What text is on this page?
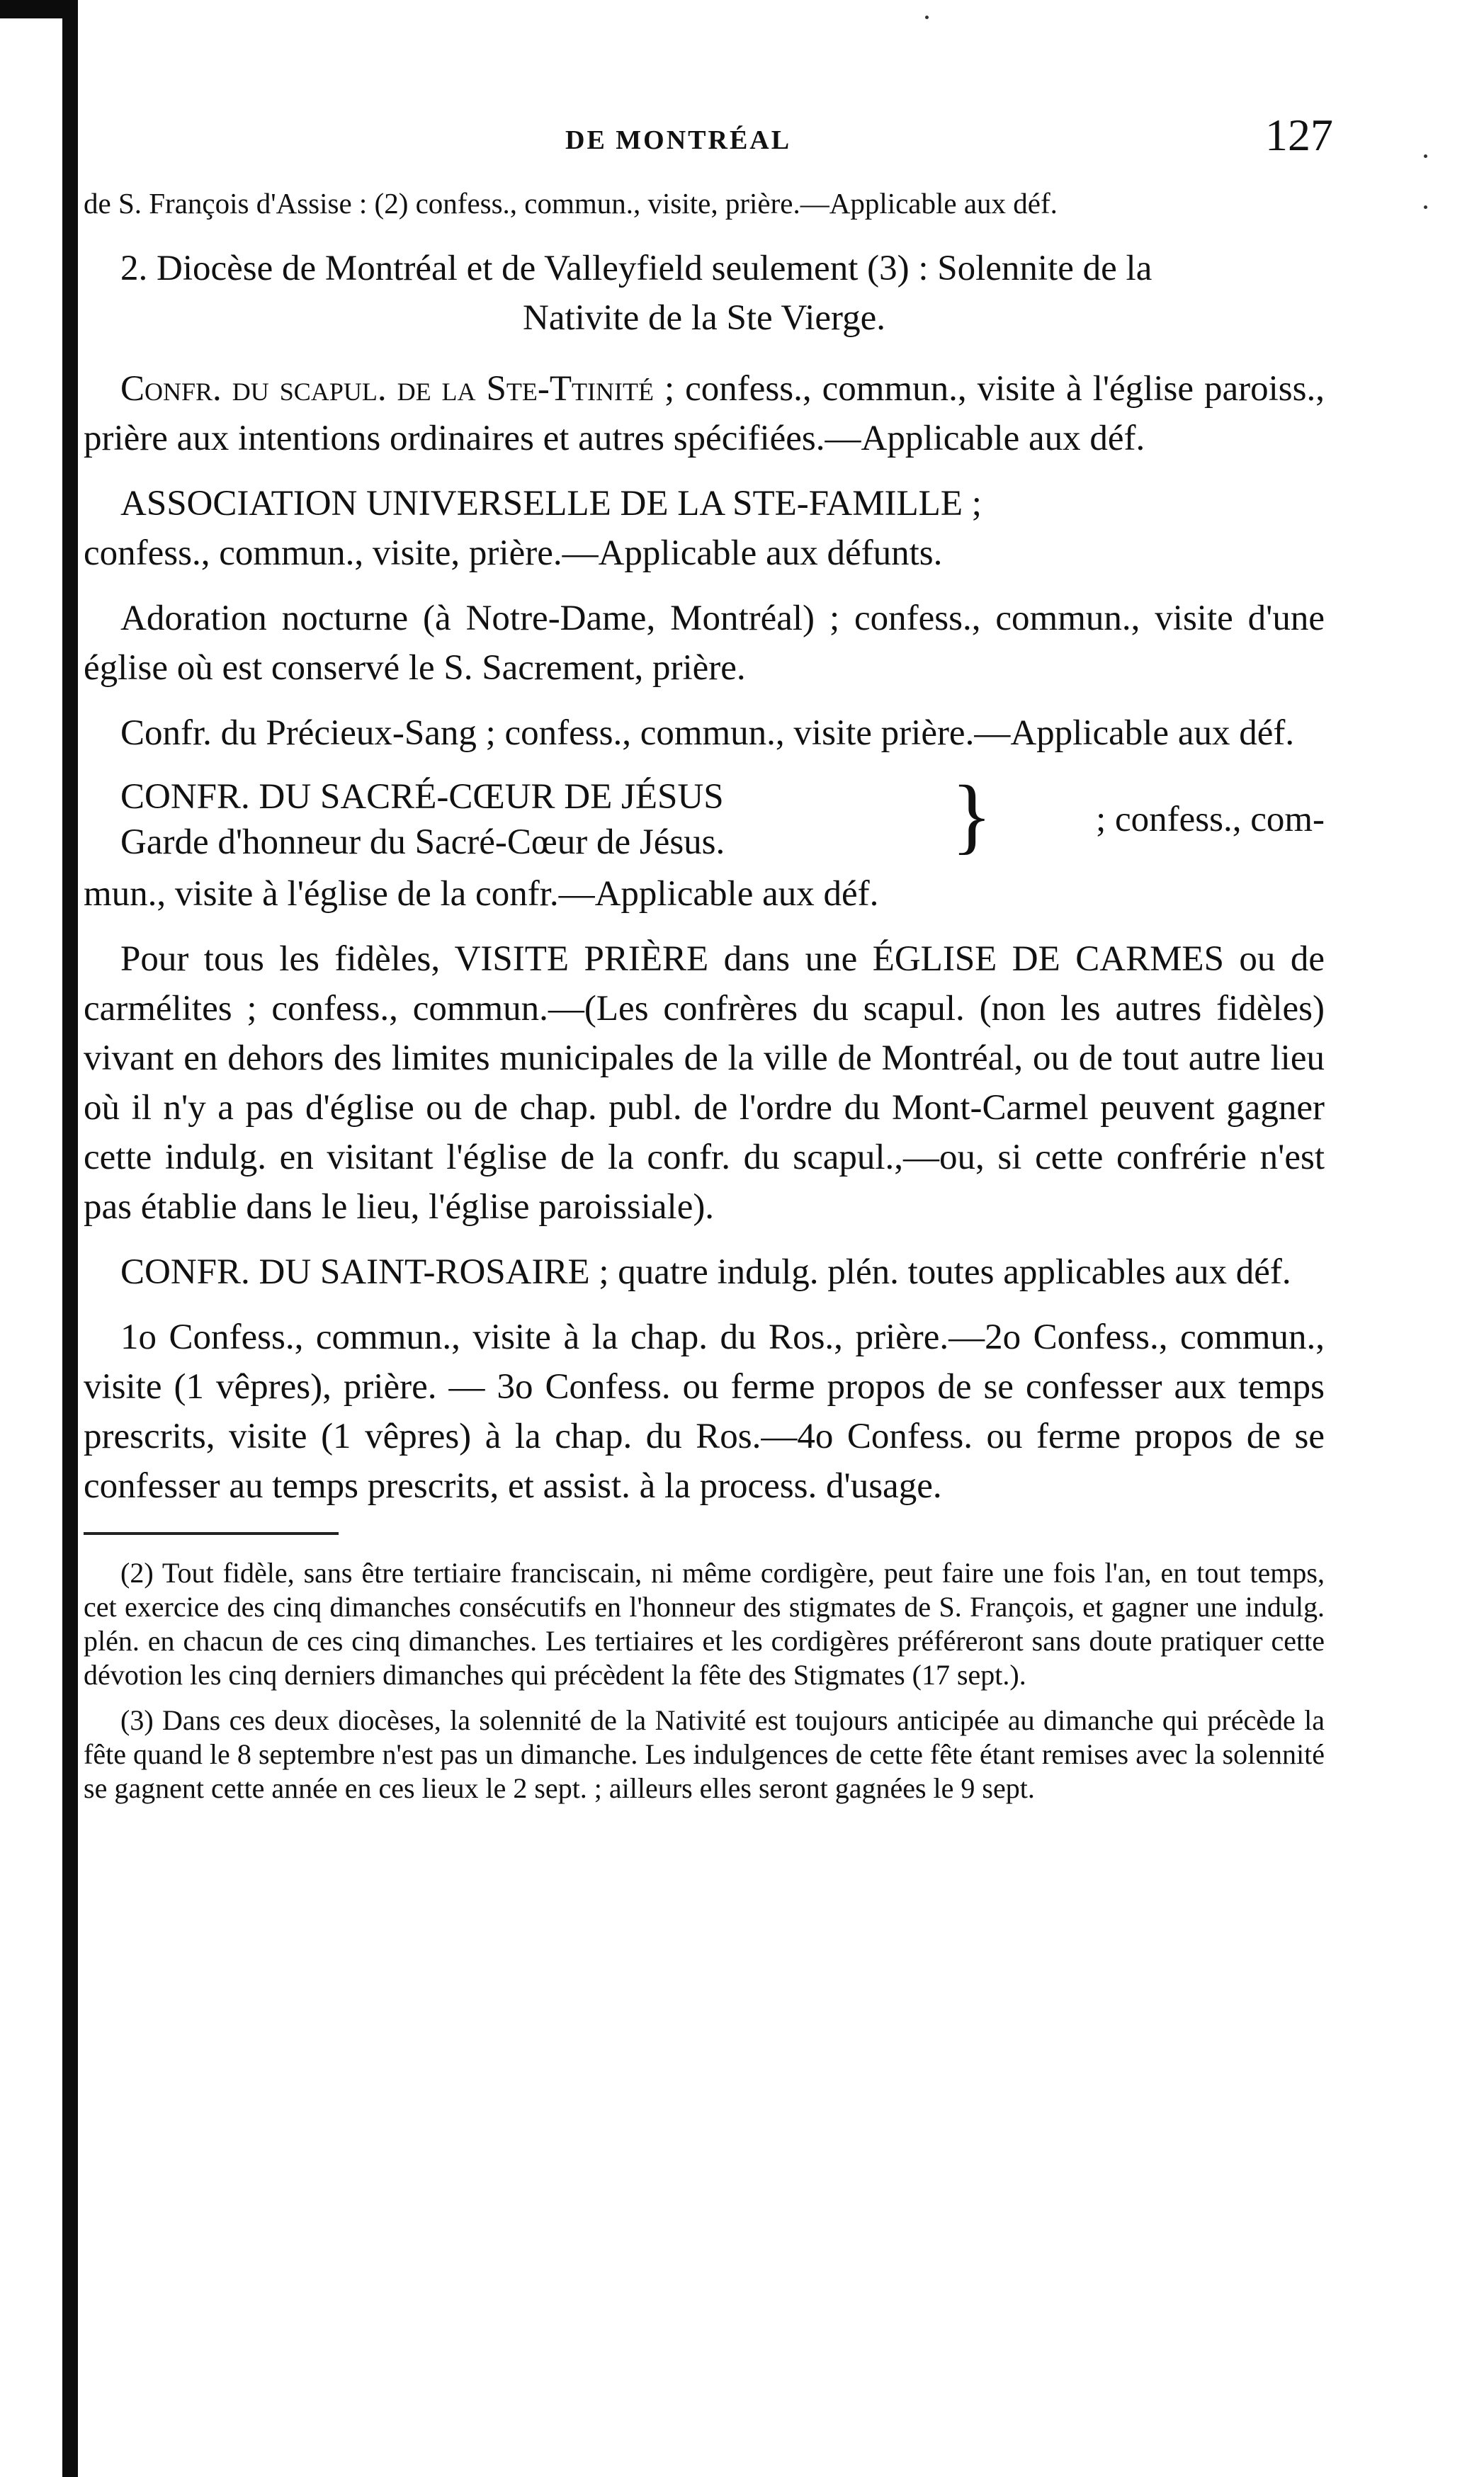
DE MONTRÉAL	127

de S. François d'Assise : (2) confess., commun., visite, prière.—Applicable aux déf.

2. Diocèse de Montréal et de Valleyfield seulement (3) : Solennite de la

Nativite de la Ste Vierge.

Confr. du scapul. de la Ste-Ttinité ; confess., commun., visite à l'église paroiss., prière aux intentions ordinaires et autres spécifiées.—Applicable aux déf.

ASSOCIATION UNIVERSELLE DE LA STE-FAMILLE ;

confess., commun., visite, prière.—Applicable aux défunts.

Adoration nocturne (à Notre-Dame, Montréal) ; confess., commun., visite d'une église où est conservé le S. Sacrement, prière.

Confr. du Précieux-Sang ; confess., commun., visite prière.—Applicable aux déf.

CONFR. DU SACRÉ-CŒUR DE JÉSUS
Garde d'honneur du Sacré-Cœur de Jésus.	}	; confess., com-

mun., visite à l'église de la confr.—Applicable aux déf.

Pour tous les fidèles, VISITE PRIÈRE dans une ÉGLISE DE CARMES ou de carmélites ; confess., commun.—(Les confrères du scapul. (non les autres fidèles) vivant en dehors des limites municipales de la ville de Montréal, ou de tout autre lieu où il n'y a pas d'église ou de chap. publ. de l'ordre du Mont-Carmel peuvent gagner cette indulg. en visitant l'église de la confr. du scapul.,—ou, si cette confrérie n'est pas établie dans le lieu, l'église paroissiale).

CONFR. DU SAINT-ROSAIRE ; quatre indulg. plén. toutes applicables aux déf.

1o Confess., commun., visite à la chap. du Ros., prière.—2o Confess., commun., visite (1 vêpres), prière. — 3o Confess. ou ferme propos de se confesser aux temps prescrits, visite (1 vêpres) à la chap. du Ros.—4o Confess. ou ferme propos de se confesser au temps prescrits, et assist. à la process. d'usage.

(2) Tout fidèle, sans être tertiaire franciscain, ni même cordigère, peut faire une fois l'an, en tout temps, cet exercice des cinq dimanches consécutifs en l'honneur des stigmates de S. François, et gagner une indulg. plén. en chacun de ces cinq dimanches. Les tertiaires et les cordigères préféreront sans doute pratiquer cette dévotion les cinq derniers dimanches qui précèdent la fête des Stigmates (17 sept.).

(3) Dans ces deux diocèses, la solennité de la Nativité est toujours anticipée au dimanche qui précède la fête quand le 8 septembre n'est pas un dimanche. Les indulgences de cette fête étant remises avec la solennité se gagnent cette année en ces lieux le 2 sept. ; ailleurs elles seront gagnées le 9 sept.
